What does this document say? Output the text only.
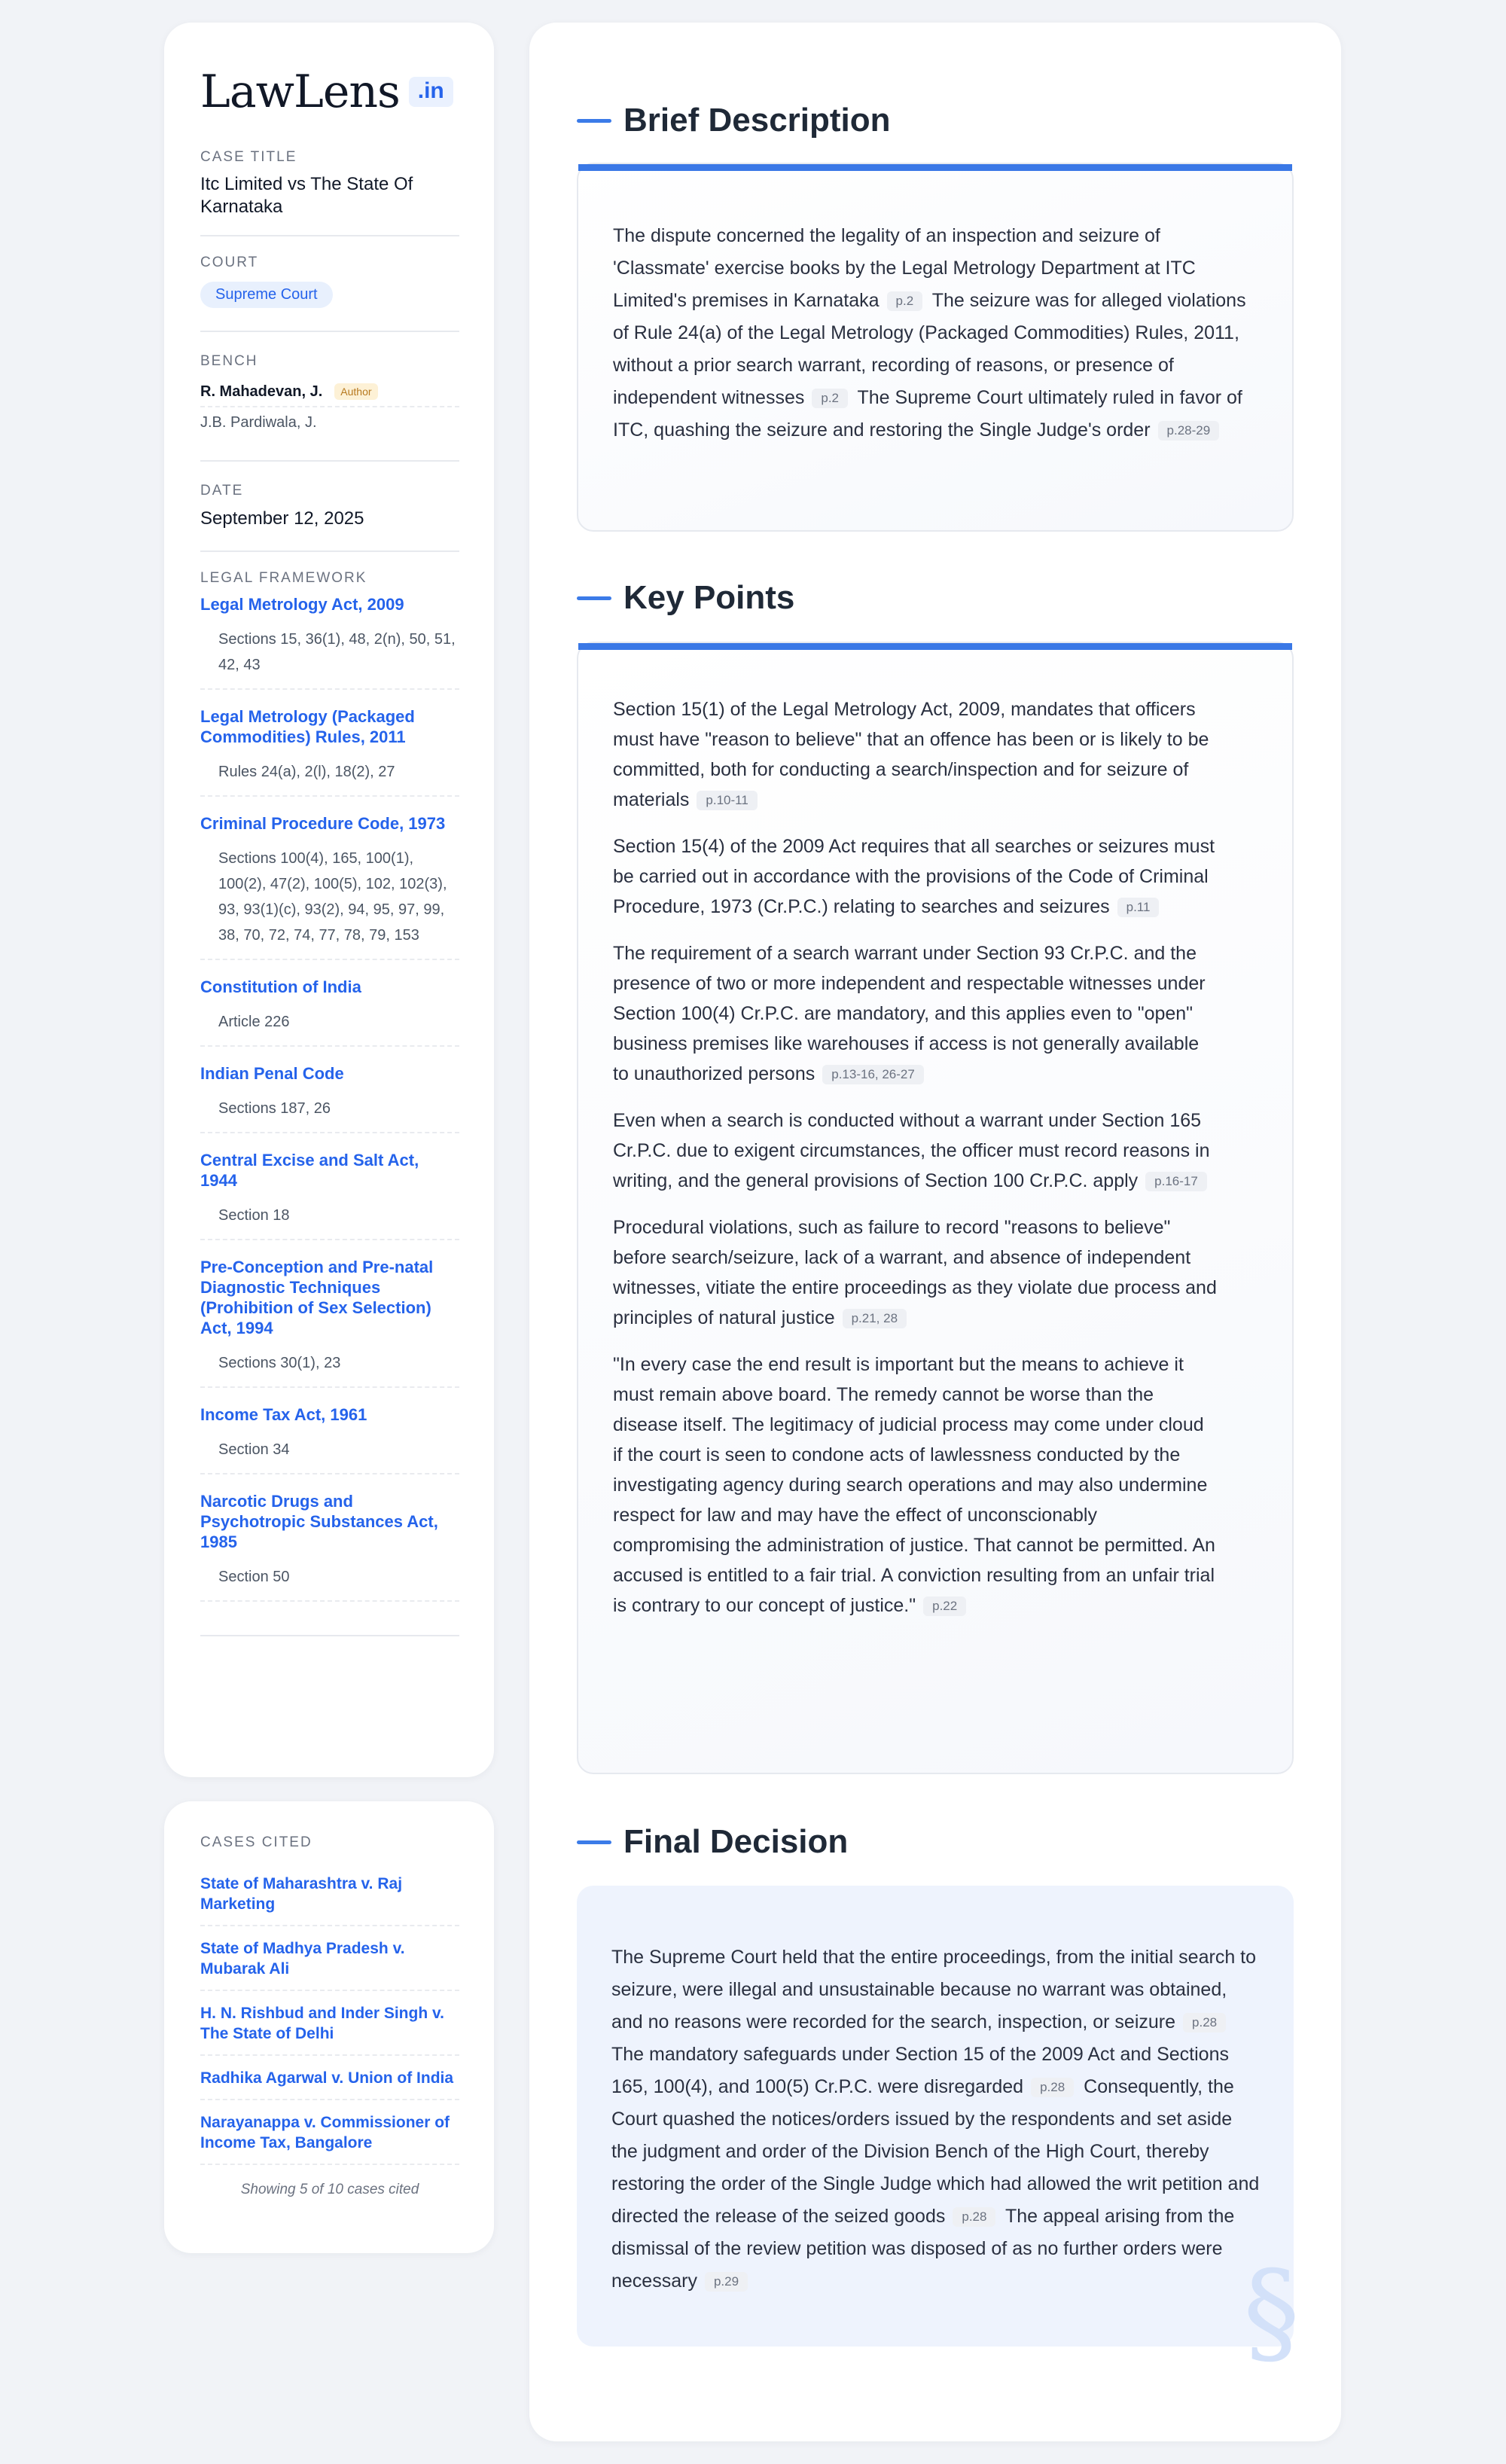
LawLens .in
CASE TITLE
Itc Limited vs The State Of Karnataka
COURT
Supreme Court
BENCH
R. Mahadevan, J.	Author
J.B. Pardiwala, J.
DATE
September 12, 2025
LEGAL FRAMEWORK
Legal Metrology Act, 2009
Sections 15, 36(1), 48, 2(n), 50, 51, 42, 43
Legal Metrology (Packaged Commodities) Rules, 2011
Rules 24(a), 2(l), 18(2), 27
Criminal Procedure Code, 1973
Sections 100(4), 165, 100(1), 100(2), 47(2), 100(5), 102, 102(3), 93, 93(1)(c), 93(2), 94, 95, 97, 99, 38, 70, 72, 74, 77, 78, 79, 153
Constitution of India
Article 226
Indian Penal Code
Sections 187, 26
Central Excise and Salt Act, 1944
Section 18
Pre-Conception and Pre-natal Diagnostic Techniques (Prohibition of Sex Selection) Act, 1994
Sections 30(1), 23
Income Tax Act, 1961
Section 34
Narcotic Drugs and Psychotropic Substances Act, 1985
Section 50
CASES CITED
State of Maharashtra v. Raj Marketing
State of Madhya Pradesh v. Mubarak Ali
H. N. Rishbud and Inder Singh v. The State of Delhi
Radhika Agarwal v. Union of India
Narayanappa v. Commissioner of Income Tax, Bangalore
Showing 5 of 10 cases cited
Brief Description

The dispute concerned the legality of an inspection and seizure of 'Classmate' exercise books by the Legal Metrology Department at ITC Limited's premises in Karnataka p.2 The seizure was for alleged violations of Rule 24(a) of the Legal Metrology (Packaged Commodities) Rules, 2011, without a prior search warrant, recording of reasons, or presence of independent witnesses p.2 The Supreme Court ultimately ruled in favor of ITC, quashing the seizure and restoring the Single Judge's order p.28-29

Key Points

Section 15(1) of the Legal Metrology Act, 2009, mandates that officers must have "reason to believe" that an offence has been or is likely to be committed, both for conducting a search/inspection and for seizure of materials p.10-11

Section 15(4) of the 2009 Act requires that all searches or seizures must be carried out in accordance with the provisions of the Code of Criminal Procedure, 1973 (Cr.P.C.) relating to searches and seizures p.11

The requirement of a search warrant under Section 93 Cr.P.C. and the presence of two or more independent and respectable witnesses under Section 100(4) Cr.P.C. are mandatory, and this applies even to "open" business premises like warehouses if access is not generally available to unauthorized persons p.13-16, 26-27

Even when a search is conducted without a warrant under Section 165 Cr.P.C. due to exigent circumstances, the officer must record reasons in writing, and the general provisions of Section 100 Cr.P.C. apply p.16-17

Procedural violations, such as failure to record "reasons to believe" before search/seizure, lack of a warrant, and absence of independent witnesses, vitiate the entire proceedings as they violate due process and principles of natural justice p.21, 28

"In every case the end result is important but the means to achieve it must remain above board. The remedy cannot be worse than the disease itself. The legitimacy of judicial process may come under cloud if the court is seen to condone acts of lawlessness conducted by the investigating agency during search operations and may also undermine respect for law and may have the effect of unconscionably compromising the administration of justice. That cannot be permitted. An accused is entitled to a fair trial. A conviction resulting from an unfair trial is contrary to our concept of justice." p.22

Final Decision

The Supreme Court held that the entire proceedings, from the initial search to seizure, were illegal and unsustainable because no warrant was obtained, and no reasons were recorded for the search, inspection, or seizure p.28 The mandatory safeguards under Section 15 of the 2009 Act and Sections 165, 100(4), and 100(5) Cr.P.C. were disregarded p.28 Consequently, the Court quashed the notices/orders issued by the respondents and set aside the judgment and order of the Division Bench of the High Court, thereby restoring the order of the Single Judge which had allowed the writ petition and directed the release of the seized goods p.28 The appeal arising from the dismissal of the review petition was disposed of as no further orders were necessary p.29	§
